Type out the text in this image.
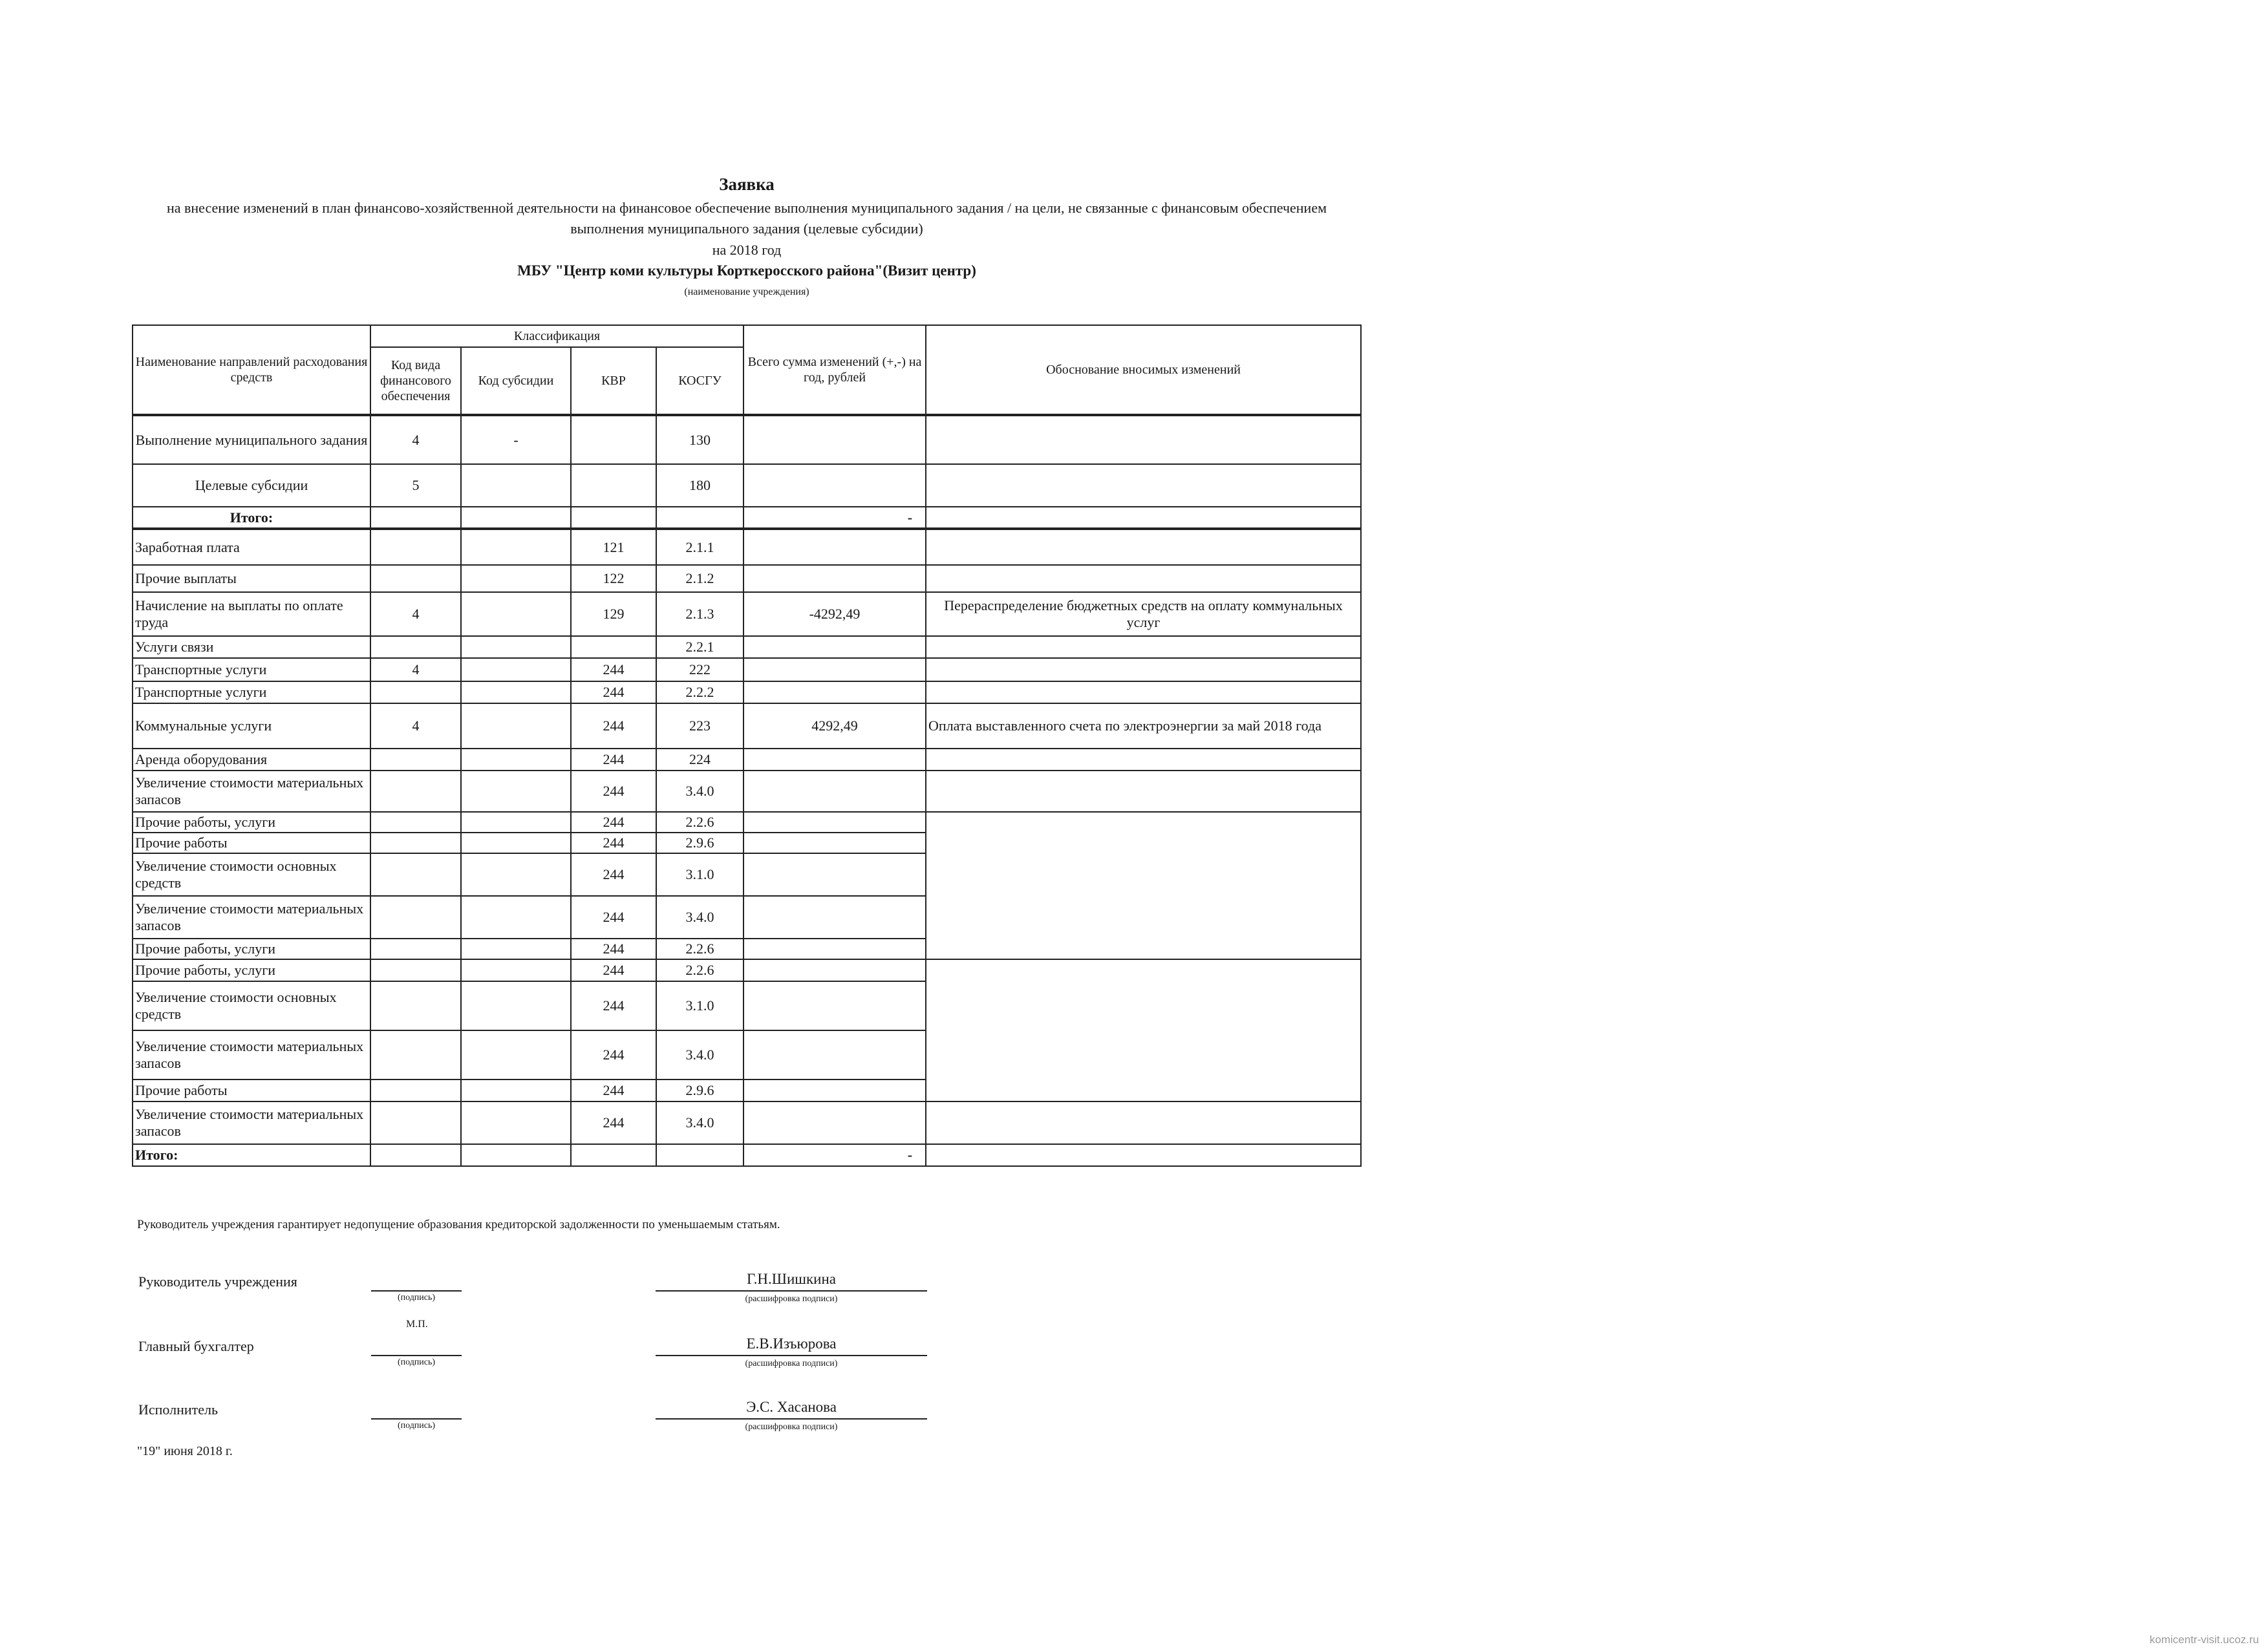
Заявка
на внесение изменений в план финансово-хозяйственной деятельности на финансовое обеспечение выполнения муниципального задания / на цели, не связанные с финансовым обеспечением выполнения муниципального задания (целевые субсидии)
на 2018 год
МБУ "Центр коми культуры Корткеросского района"(Визит центр)
(наименование учреждения)
Наименование направлений расходования средств	Классификация				Всего сумма изменений (+,-) на год, рублей	Обоснование вносимых изменений
	Код вида финансового обеспечения	Код субсидии	КВР	КОСГУ		
Выполнение муниципального задания	4	-		130		
Целевые субсидии	5			180		
Итого:					-	
Заработная плата			121	2.1.1		
Прочие выплаты			122	2.1.2		
Начисление на выплаты по оплате труда	4		129	2.1.3	-4292,49	Перераспределение бюджетных средств на оплату коммунальных услуг
Услуги связи				2.2.1		
Транспортные услуги	4		244	222		
Транспортные услуги			244	2.2.2		
Коммунальные услуги	4		244	223	4292,49	Оплата выставленного счета по электроэнергии за май 2018 года
Аренда оборудования			244	224		
Увеличение стоимости материальных запасов			244	3.4.0		
Прочие работы, услуги			244	2.2.6		
Прочие работы			244	2.9.6		
Увеличение стоимости основных средств			244	3.1.0		
Увеличение стоимости материальных запасов			244	3.4.0		
Прочие работы, услуги			244	2.2.6		
Прочие работы, услуги			244	2.2.6		
Увеличение стоимости основных средств			244	3.1.0		
Увеличение стоимости материальных запасов			244	3.4.0		
Прочие работы			244	2.9.6		
Увеличение стоимости материальных запасов			244	3.4.0		
Итого:					-	
Руководитель учреждения гарантирует недопущение образования кредиторской задолженности по уменьшаемым статьям.
Руководитель учреждения
(подпись)
Г.Н.Шишкина
(расшифровка подписи)
М.П.
Главный бухгалтер
(подпись)
Е.В.Изъюрова
(расшифровка подписи)
Исполнитель
(подпись)
Э.С. Хасанова
(расшифровка подписи)
"19" июня 2018 г.
komicentr-visit.ucoz.ru
